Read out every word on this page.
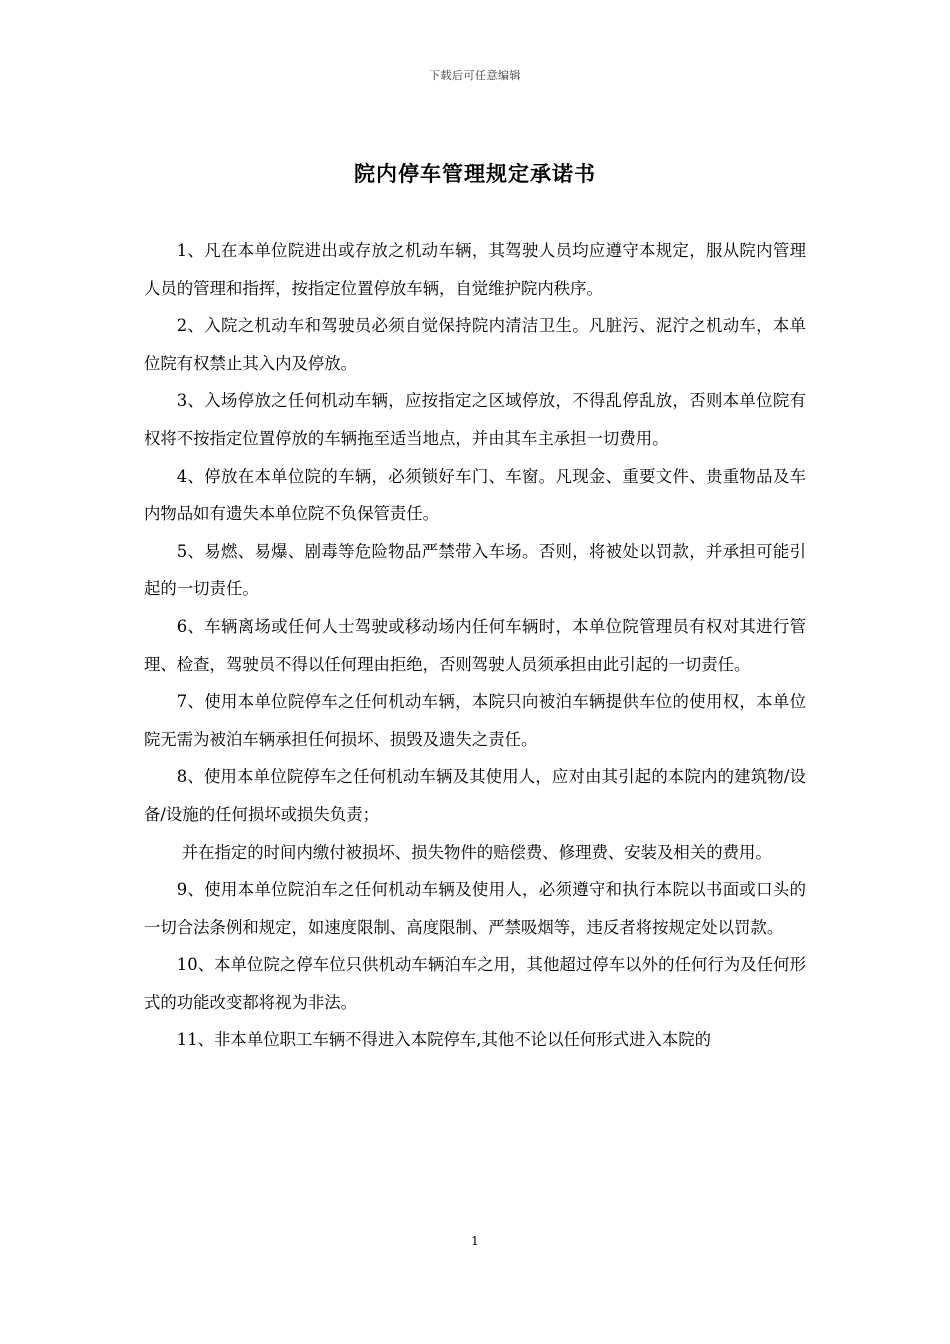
下载后可任意编辑
院内停车管理规定承诺书

1、凡在本单位院进出或存放之机动车辆，其驾驶人员均应遵守本规定，服从院内管理人员的管理和指挥，按指定位置停放车辆，自觉维护院内秩序。

2、入院之机动车和驾驶员必须自觉保持院内清洁卫生。凡脏污、泥泞之机动车，本单位院有权禁止其入内及停放。

3、入场停放之任何机动车辆，应按指定之区域停放，不得乱停乱放，否则本单位院有权将不按指定位置停放的车辆拖至适当地点，并由其车主承担一切费用。

4、停放在本单位院的车辆，必须锁好车门、车窗。凡现金、重要文件、贵重物品及车内物品如有遗失本单位院不负保管责任。

5、易燃、易爆、剧毒等危险物品严禁带入车场。否则，将被处以罚款，并承担可能引起的一切责任。

6、车辆离场或任何人士驾驶或移动场内任何车辆时，本单位院管理员有权对其进行管理、检查，驾驶员不得以任何理由拒绝，否则驾驶人员须承担由此引起的一切责任。

7、使用本单位院停车之任何机动车辆，本院只向被泊车辆提供车位的使用权，本单位院无需为被泊车辆承担任何损坏、损毁及遗失之责任。

8、使用本单位院停车之任何机动车辆及其使用人，应对由其引起的本院内的建筑物/设备/设施的任何损坏或损失负责；

并在指定的时间内缴付被损坏、损失物件的赔偿费、修理费、安装及相关的费用。

9、使用本单位院泊车之任何机动车辆及使用人，必须遵守和执行本院以书面或口头的一切合法条例和规定，如速度限制、高度限制、严禁吸烟等，违反者将按规定处以罚款。

10、本单位院之停车位只供机动车辆泊车之用，其他超过停车以外的任何行为及任何形式的功能改变都将视为非法。

11、非本单位职工车辆不得进入本院停车,其他不论以任何形式进入本院的

1
